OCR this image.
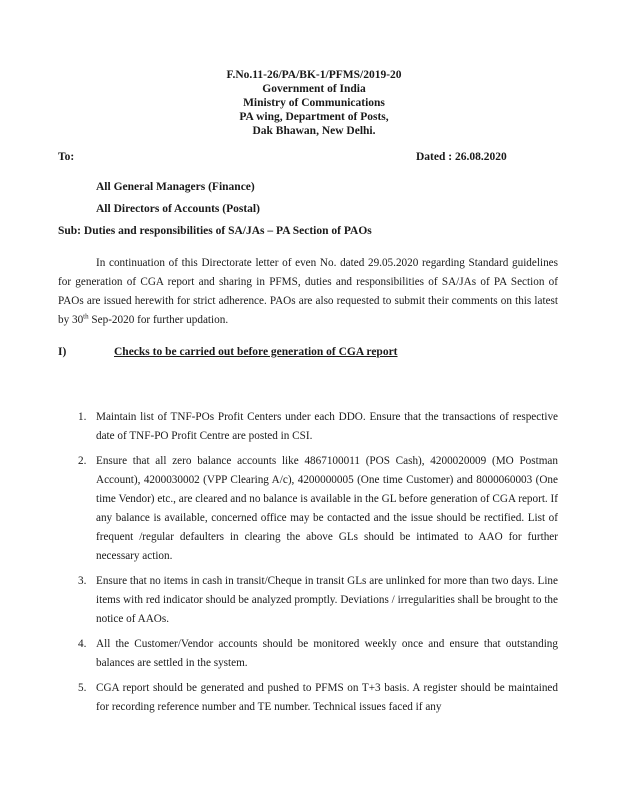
F.No.11-26/PA/BK-1/PFMS/2019-20
Government of India
Ministry of Communications
PA wing, Department of Posts,
Dak Bhawan, New Delhi.
To:	Dated : 26.08.2020
All General Managers (Finance)
All Directors of Accounts (Postal)
Sub: Duties and responsibilities of SA/JAs – PA Section of PAOs
In continuation of this Directorate letter of even No. dated 29.05.2020 regarding Standard guidelines for generation of CGA report and sharing in PFMS, duties and responsibilities of SA/JAs of PA Section of PAOs are issued herewith for strict adherence. PAOs are also requested to submit their comments on this latest by 30th Sep-2020 for further updation.
I)	Checks to be carried out before generation of CGA report
1. Maintain list of TNF-POs Profit Centers under each DDO. Ensure that the transactions of respective date of TNF-PO Profit Centre are posted in CSI.
2. Ensure that all zero balance accounts like 4867100011 (POS Cash), 4200020009 (MO Postman Account), 4200030002 (VPP Clearing A/c), 4200000005 (One time Customer) and 8000060003 (One time Vendor) etc., are cleared and no balance is available in the GL before generation of CGA report. If any balance is available, concerned office may be contacted and the issue should be rectified. List of frequent /regular defaulters in clearing the above GLs should be intimated to AAO for further necessary action.
3. Ensure that no items in cash in transit/Cheque in transit GLs are unlinked for more than two days. Line items with red indicator should be analyzed promptly. Deviations / irregularities shall be brought to the notice of AAOs.
4. All the Customer/Vendor accounts should be monitored weekly once and ensure that outstanding balances are settled in the system.
5. CGA report should be generated and pushed to PFMS on T+3 basis. A register should be maintained for recording reference number and TE number. Technical issues faced if any
